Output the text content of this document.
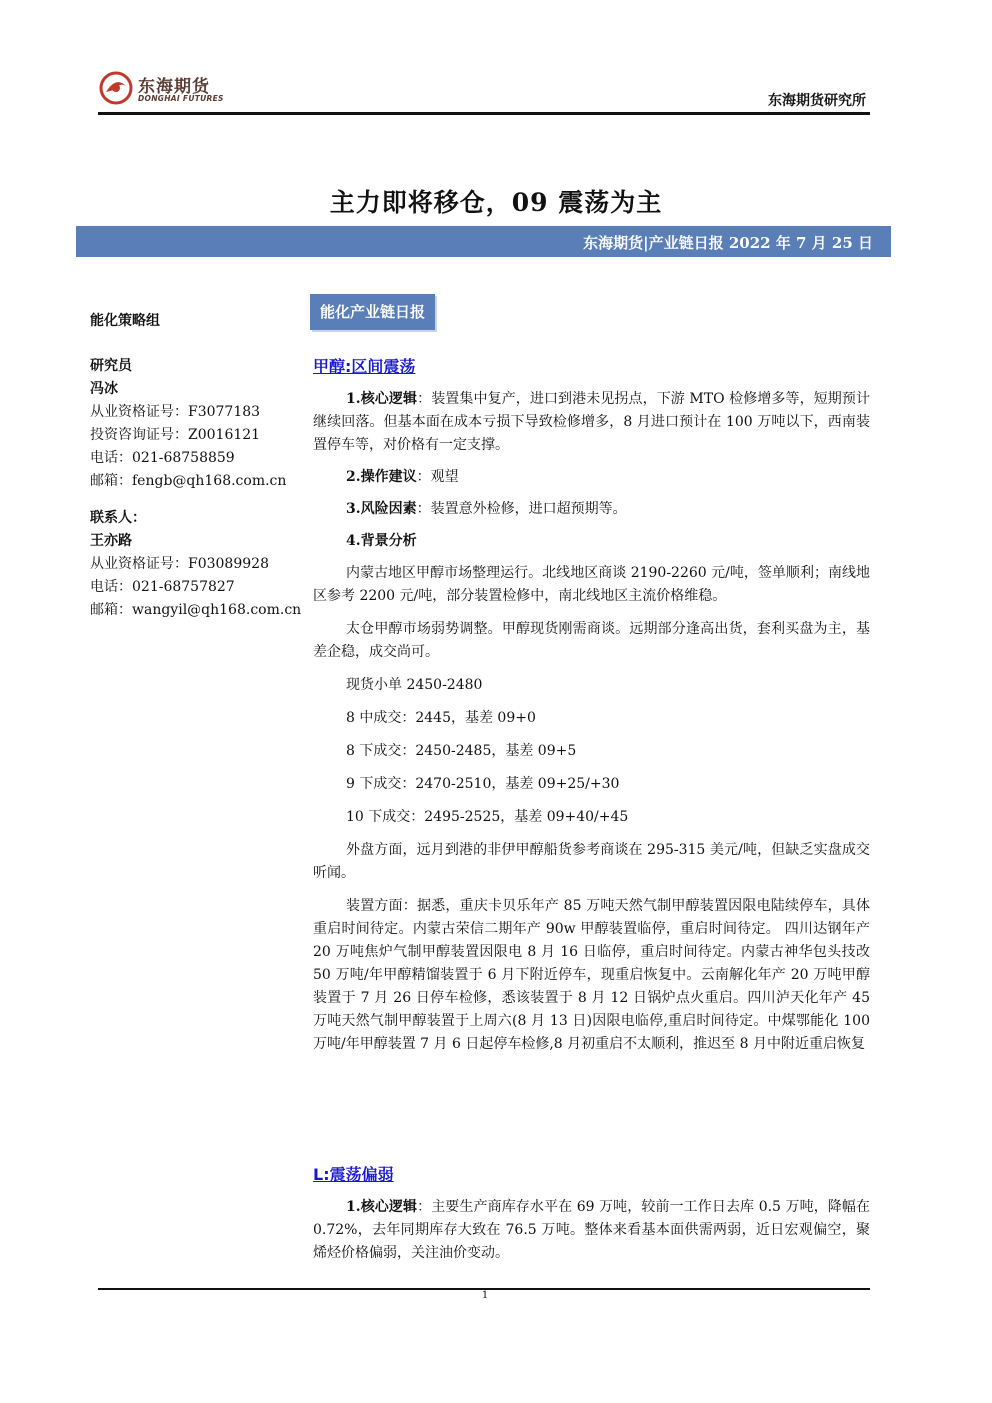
东海期货
DONGHAI FUTURES	东海期货研究所
主力即将移仓，09 震荡为主
东海期货|产业链日报 2022 年 7 月 25 日
能化策略组
研究员
冯冰
从业资格证号：F3077183
投资咨询证号：Z0016121
电话：021-68758859
邮箱：fengb@qh168.com.cn
联系人：
王亦路
从业资格证号：F03089928
电话：021-68757827
邮箱：wangyil@qh168.com.cn
能化产业链日报
甲醇:区间震荡

1.核心逻辑：装置集中复产，进口到港未见拐点，下游 MTO 检修增多等，短期预计继续回落。但基本面在成本亏损下导致检修增多，8 月进口预计在 100 万吨以下，西南装置停车等，对价格有一定支撑。

2.操作建议：观望

3.风险因素：装置意外检修，进口超预期等。

4.背景分析

内蒙古地区甲醇市场整理运行。北线地区商谈 2190-2260 元/吨，签单顺利；南线地区参考 2200 元/吨，部分装置检修中，南北线地区主流价格维稳。

太仓甲醇市场弱势调整。甲醇现货刚需商谈。远期部分逢高出货，套利买盘为主，基差企稳，成交尚可。

现货小单 2450-2480

8 中成交：2445，基差 09+0

8 下成交：2450-2485，基差 09+5

9 下成交：2470-2510，基差 09+25/+30

10 下成交：2495-2525，基差 09+40/+45

外盘方面，远月到港的非伊甲醇船货参考商谈在 295-315 美元/吨，但缺乏实盘成交听闻。

装置方面：据悉，重庆卡贝乐年产 85 万吨天然气制甲醇装置因限电陆续停车，具体重启时间待定。内蒙古荣信二期年产 90w 甲醇装置临停，重启时间待定。 四川达钢年产 20 万吨焦炉气制甲醇装置因限电 8 月 16 日临停，重启时间待定。内蒙古神华包头技改 50 万吨/年甲醇精馏装置于 6 月下附近停车，现重启恢复中。云南解化年产 20 万吨甲醇装置于 7 月 26 日停车检修，悉该装置于 8 月 12 日锅炉点火重启。四川泸天化年产 45 万吨天然气制甲醇装置于上周六(8 月 13 日)因限电临停,重启时间待定。中煤鄂能化 100 万吨/年甲醇装置 7 月 6 日起停车检修,8 月初重启不太顺利，推迟至 8 月中附近重启恢复

L:震荡偏弱

1.核心逻辑：主要生产商库存水平在 69 万吨，较前一工作日去库 0.5 万吨，降幅在 0.72%，去年同期库存大致在 76.5 万吨。整体来看基本面供需两弱，近日宏观偏空，聚烯烃价格偏弱，关注油价变动。

1
